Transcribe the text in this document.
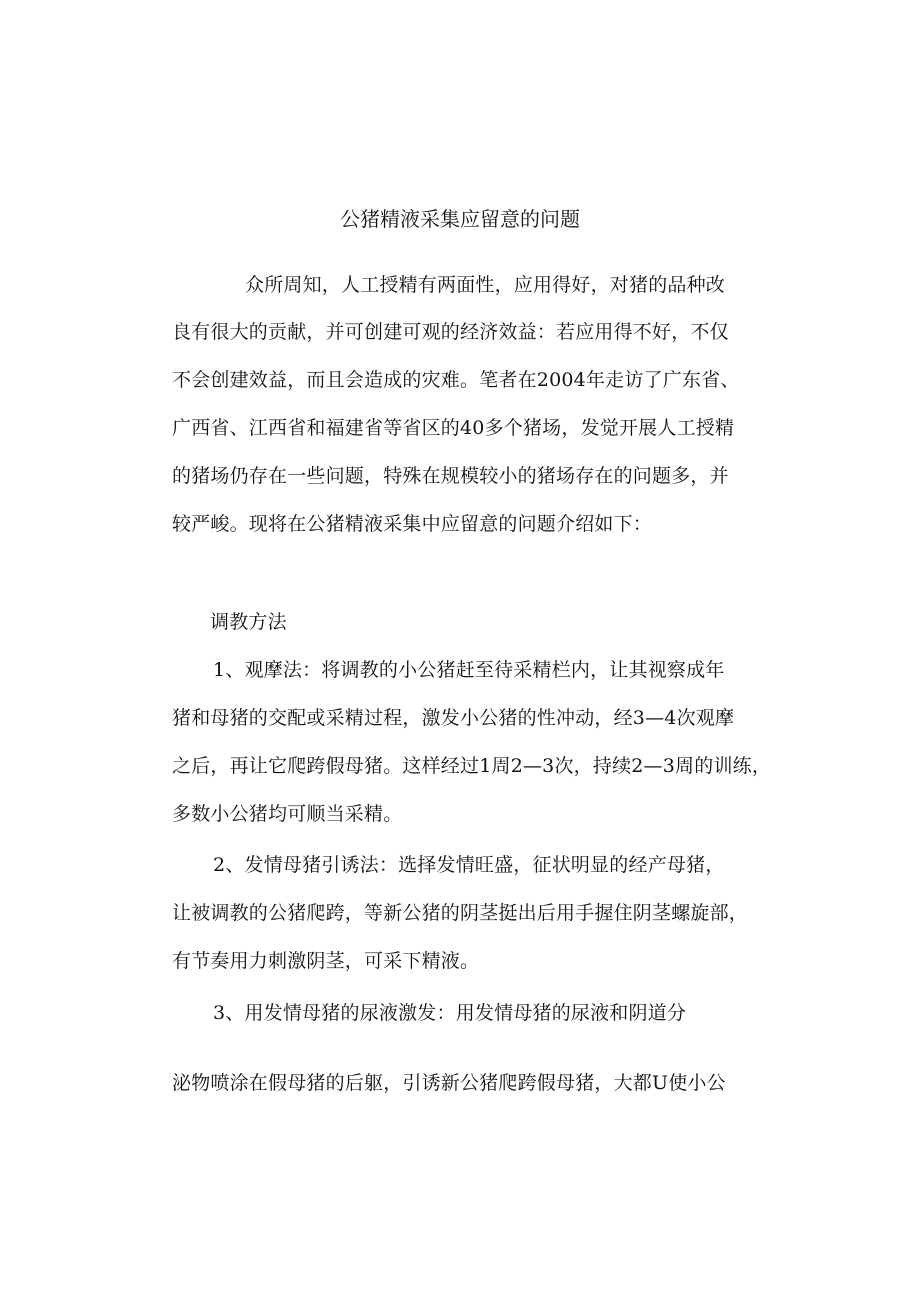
公猪精液采集应留意的问题
众所周知，人工授精有两面性，应用得好，对猪的品种改
良有很大的贡献，并可创建可观的经济效益：若应用得不好，不仅
不会创建效益，而且会造成的灾难。笔者在2004年走访了广东省、
广西省、江西省和福建省等省区的40多个猪场，发觉开展人工授精
的猪场仍存在一些问题，特殊在规模较小的猪场存在的问题多，并
较严峻。现将在公猪精液采集中应留意的问题介绍如下：
调教方法
1、观摩法：将调教的小公猪赶至待采精栏内，让其视察成年
猪和母猪的交配或采精过程，激发小公猪的性冲动，经3—4次观摩
之后，再让它爬跨假母猪。这样经过1周2—3次，持续2—3周的训练，
多数小公猪均可顺当采精。
2、发情母猪引诱法：选择发情旺盛，征状明显的经产母猪，
让被调教的公猪爬跨，等新公猪的阴茎挺出后用手握住阴茎螺旋部，
有节奏用力刺激阴茎，可采下精液。
3、用发情母猪的尿液激发：用发情母猪的尿液和阴道分
泌物喷涂在假母猪的后躯，引诱新公猪爬跨假母猪，大都U使小公
